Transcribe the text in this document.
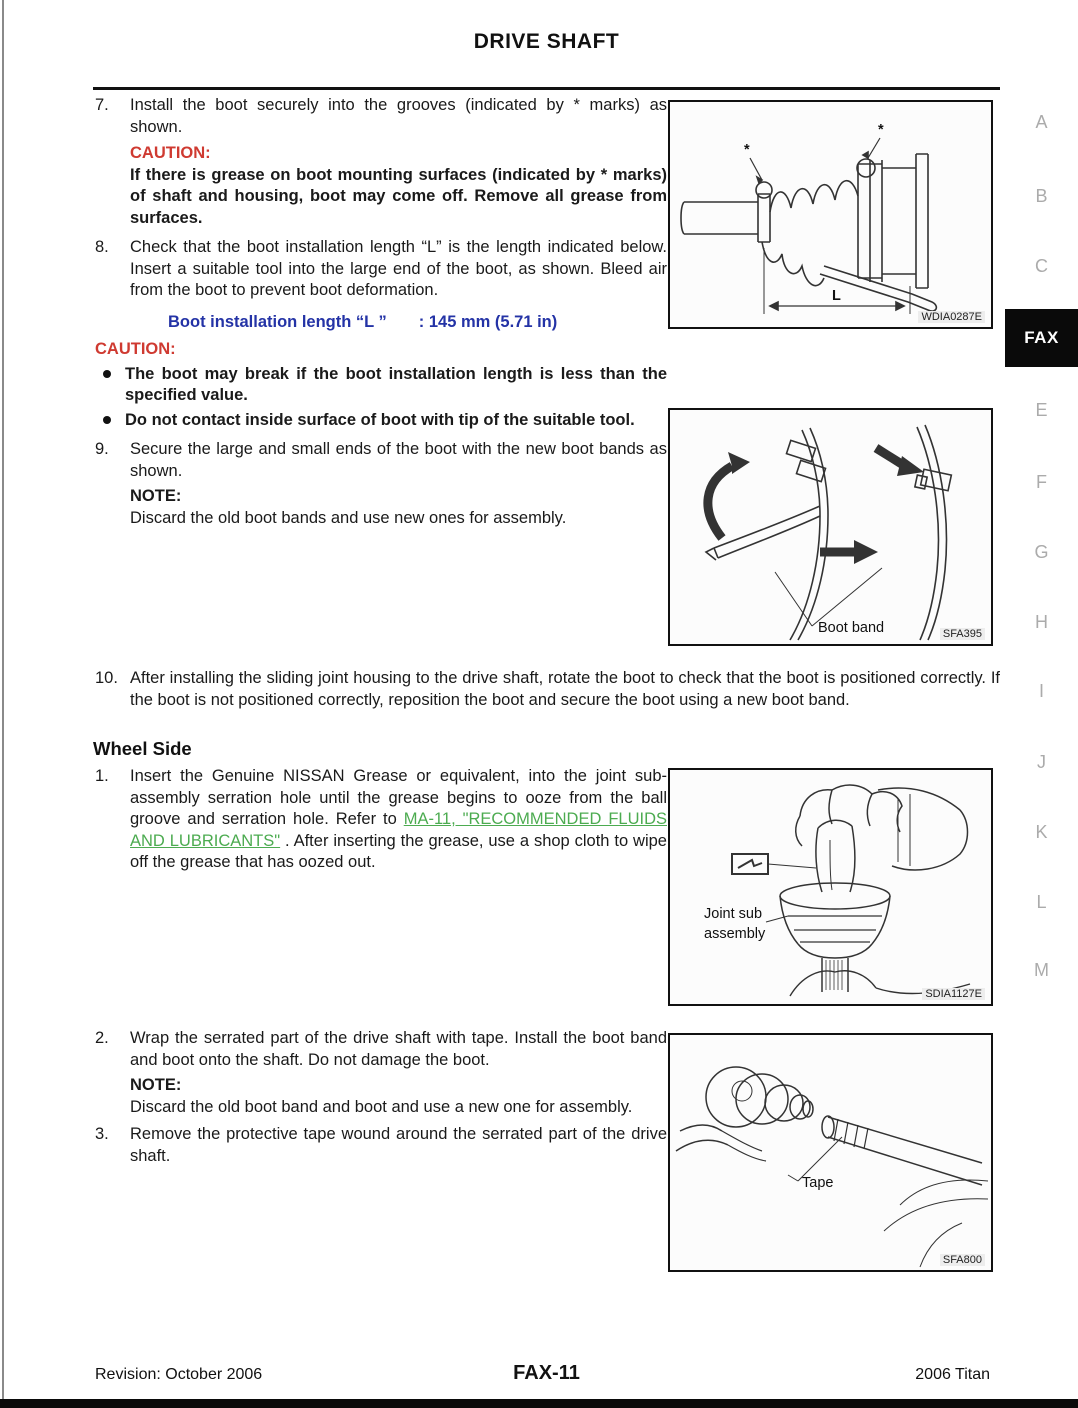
DRIVE SHAFT
7.	Install the boot securely into the grooves (indicated by * marks) as shown.
CAUTION:
If there is grease on boot mounting surfaces (indicated by * marks) of shaft and housing, boot may come off. Remove all grease from surfaces.
8.	Check that the boot installation length “L” is the length indicated below. Insert a suitable tool into the large end of the boot, as shown. Bleed air from the boot to prevent boot deformation.
Boot installation length “L ” : 145 mm (5.71 in)
CAUTION:
The boot may break if the boot installation length is less than the specified value.
Do not contact inside surface of boot with tip of the suitable tool.
9.	Secure the large and small ends of the boot with the new boot bands as shown.
NOTE:
Discard the old boot bands and use new ones for assembly.
10. After installing the sliding joint housing to the drive shaft, rotate the boot to check that the boot is positioned correctly. If the boot is not positioned correctly, reposition the boot and secure the boot using a new boot band.
Wheel Side
1.	Insert the Genuine NISSAN Grease or equivalent, into the joint sub-assembly serration hole until the grease begins to ooze from the ball groove and serration hole. Refer to MA-11, "RECOMMENDED FLUIDS AND LUBRICANTS" . After inserting the grease, use a shop cloth to wipe off the grease that has oozed out.
2.	Wrap the serrated part of the drive shaft with tape. Install the boot band and boot onto the shaft. Do not damage the boot.
NOTE:
Discard the old boot band and boot and use a new one for assembly.
3.	Remove the protective tape wound around the serrated part of the drive shaft.
*
*
L
WDIA0287E
Boot band	SFA395
Joint sub
assembly
SDIA1127E
Tape
SFA800
A
B
C
FAX
E
F
G
H
I
J
K
L
M
Revision: October 2006	FAX-11	2006 Titan
